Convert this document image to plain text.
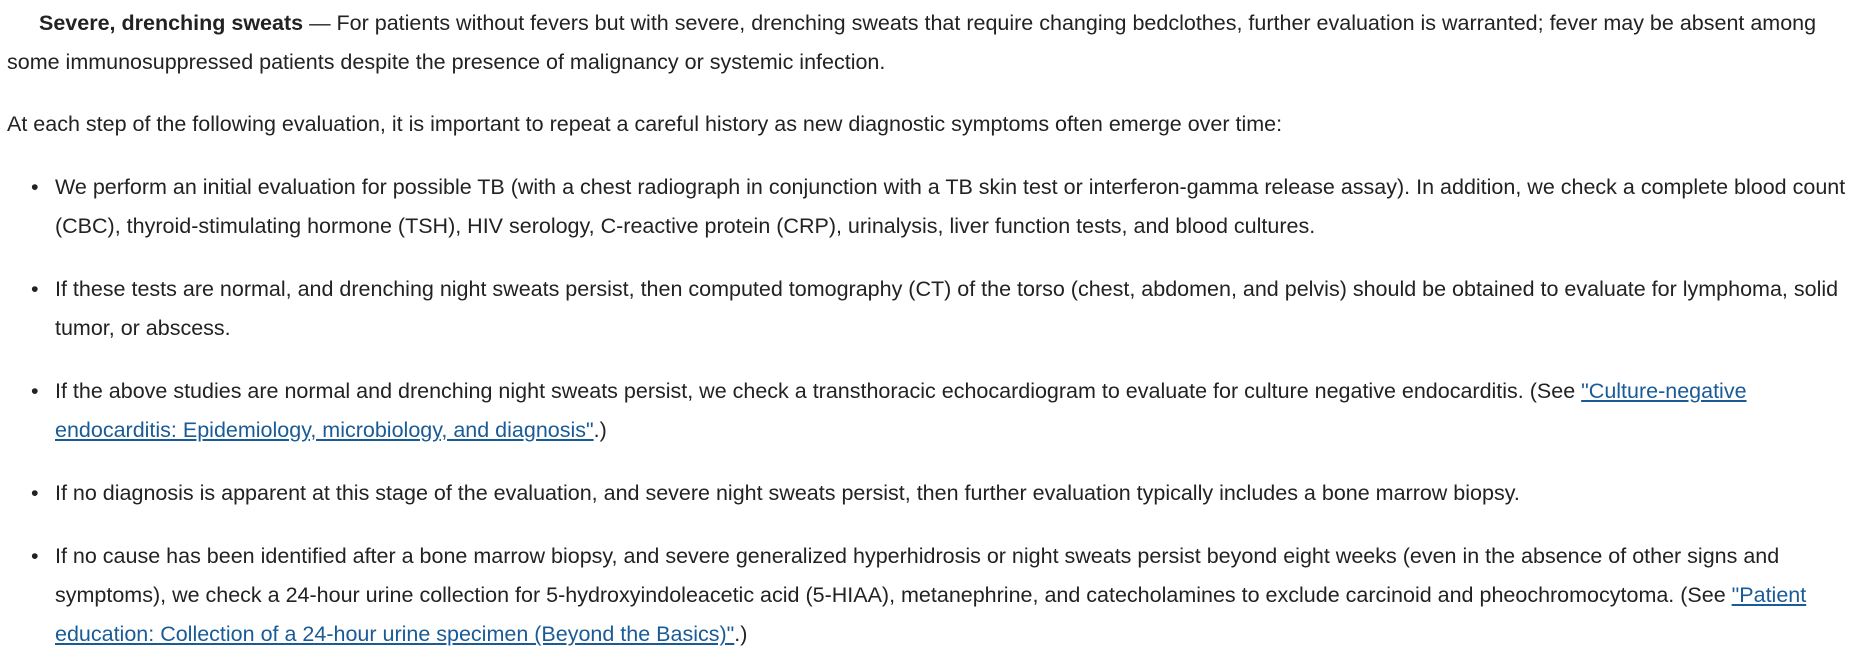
Severe, drenching sweats — For patients without fevers but with severe, drenching sweats that require changing bedclothes, further evaluation is warranted; fever may be absent among some immunosuppressed patients despite the presence of malignancy or systemic infection.

At each step of the following evaluation, it is important to repeat a careful history as new diagnostic symptoms often emerge over time:

• We perform an initial evaluation for possible TB (with a chest radiograph in conjunction with a TB skin test or interferon-gamma release assay). In addition, we check a complete blood count (CBC), thyroid-stimulating hormone (TSH), HIV serology, C-reactive protein (CRP), urinalysis, liver function tests, and blood cultures.
• If these tests are normal, and drenching night sweats persist, then computed tomography (CT) of the torso (chest, abdomen, and pelvis) should be obtained to evaluate for lymphoma, solid tumor, or abscess.
• If the above studies are normal and drenching night sweats persist, we check a transthoracic echocardiogram to evaluate for culture negative endocarditis. (See "Culture-negative endocarditis: Epidemiology, microbiology, and diagnosis".)
• If no diagnosis is apparent at this stage of the evaluation, and severe night sweats persist, then further evaluation typically includes a bone marrow biopsy.
• If no cause has been identified after a bone marrow biopsy, and severe generalized hyperhidrosis or night sweats persist beyond eight weeks (even in the absence of other signs and symptoms), we check a 24-hour urine collection for 5-hydroxyindoleacetic acid (5-HIAA), metanephrine, and catecholamines to exclude carcinoid and pheochromocytoma. (See "Patient education: Collection of a 24-hour urine specimen (Beyond the Basics)".)
